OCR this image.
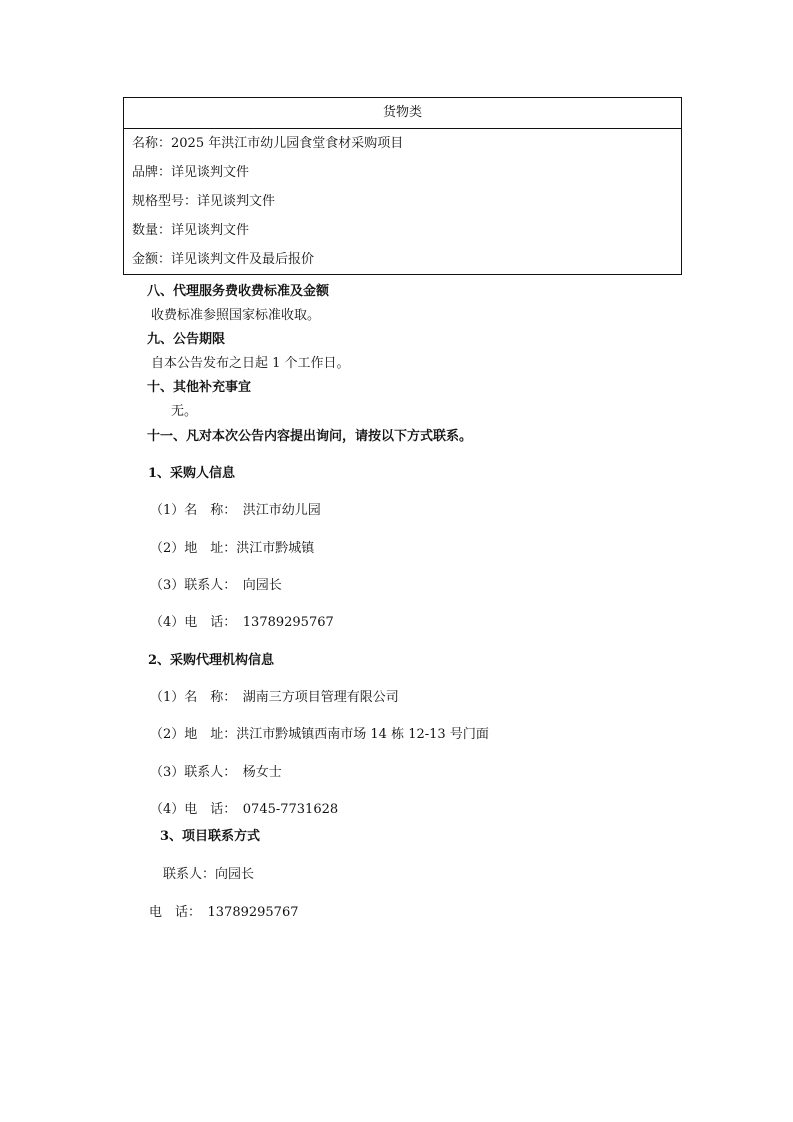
货物类
名称：2025 年洪江市幼儿园食堂食材采购项目
品牌：详见谈判文件
规格型号：详见谈判文件
数量：详见谈判文件
金额：详见谈判文件及最后报价
八、代理服务费收费标准及金额
收费标准参照国家标准收取。
九、公告期限
自本公告发布之日起 1 个工作日。
十、其他补充事宜
无。
十一、凡对本次公告内容提出询问，请按以下方式联系。
1、采购人信息
（1）名　称：　洪江市幼儿园
（2）地　址：洪江市黔城镇
（3）联系人：　向园长
（4）电　话：　13789295767
2、采购代理机构信息
（1）名　称：　湖南三方项目管理有限公司
（2）地　址：洪江市黔城镇西南市场 14 栋 12-13 号门面
（3）联系人：　杨女士
（4）电　话：　0745-7731628
3、项目联系方式
联系人：向园长
电　话：　13789295767
